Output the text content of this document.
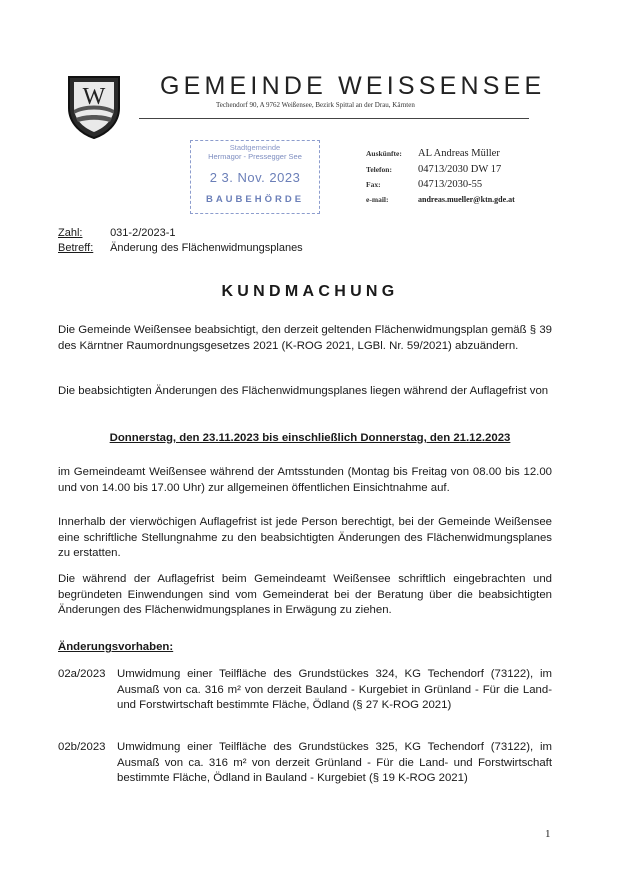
W GEMEINDE WEISSENSEE
Techendorf 90, A 9762 Weißensee, Bezirk Spittal an der Drau, Kärnten
Stadtgemeinde
Hermagor - Pressegger See
2 3. Nov. 2023
BAUBEHÖRDE
Auskünfte:	AL Andreas Müller
Telefon:	04713/2030 DW 17
Fax:	04713/2030-55
e-mail:	andreas.mueller@ktn.gde.at
Zahl:	031-2/2023-1
Betreff: Änderung des Flächenwidmungsplanes
KUNDMACHUNG
Die Gemeinde Weißensee beabsichtigt, den derzeit geltenden Flächenwidmungsplan gemäß § 39 des Kärntner Raumordnungsgesetzes 2021 (K-ROG 2021, LGBl. Nr. 59/2021) abzuändern.
Die beabsichtigten Änderungen des Flächenwidmungsplanes liegen während der Auflagefrist von
Donnerstag, den 23.11.2023 bis einschließlich Donnerstag, den 21.12.2023
im Gemeindeamt Weißensee während der Amtsstunden (Montag bis Freitag von 08.00 bis 12.00 und von 14.00 bis 17.00 Uhr) zur allgemeinen öffentlichen Einsichtnahme auf.
Innerhalb der vierwöchigen Auflagefrist ist jede Person berechtigt, bei der Gemeinde Weißensee eine schriftliche Stellungnahme zu den beabsichtigten Änderungen des Flächenwidmungsplanes zu erstatten.
Die während der Auflagefrist beim Gemeindeamt Weißensee schriftlich eingebrachten und begründeten Einwendungen sind vom Gemeinderat bei der Beratung über die beabsichtigten Änderungen des Flächenwidmungsplanes in Erwägung zu ziehen.
Änderungsvorhaben:
02a/2023	Umwidmung einer Teilfläche des Grundstückes 324, KG Techendorf (73122), im Ausmaß von ca. 316 m² von derzeit Bauland - Kurgebiet in Grünland - Für die Land- und Forstwirtschaft bestimmte Fläche, Ödland (§ 27 K-ROG 2021)
02b/2023	Umwidmung einer Teilfläche des Grundstückes 325, KG Techendorf (73122), im Ausmaß von ca. 316 m² von derzeit Grünland - Für die Land- und Forstwirtschaft bestimmte Fläche, Ödland in Bauland - Kurgebiet (§ 19 K-ROG 2021)
1
